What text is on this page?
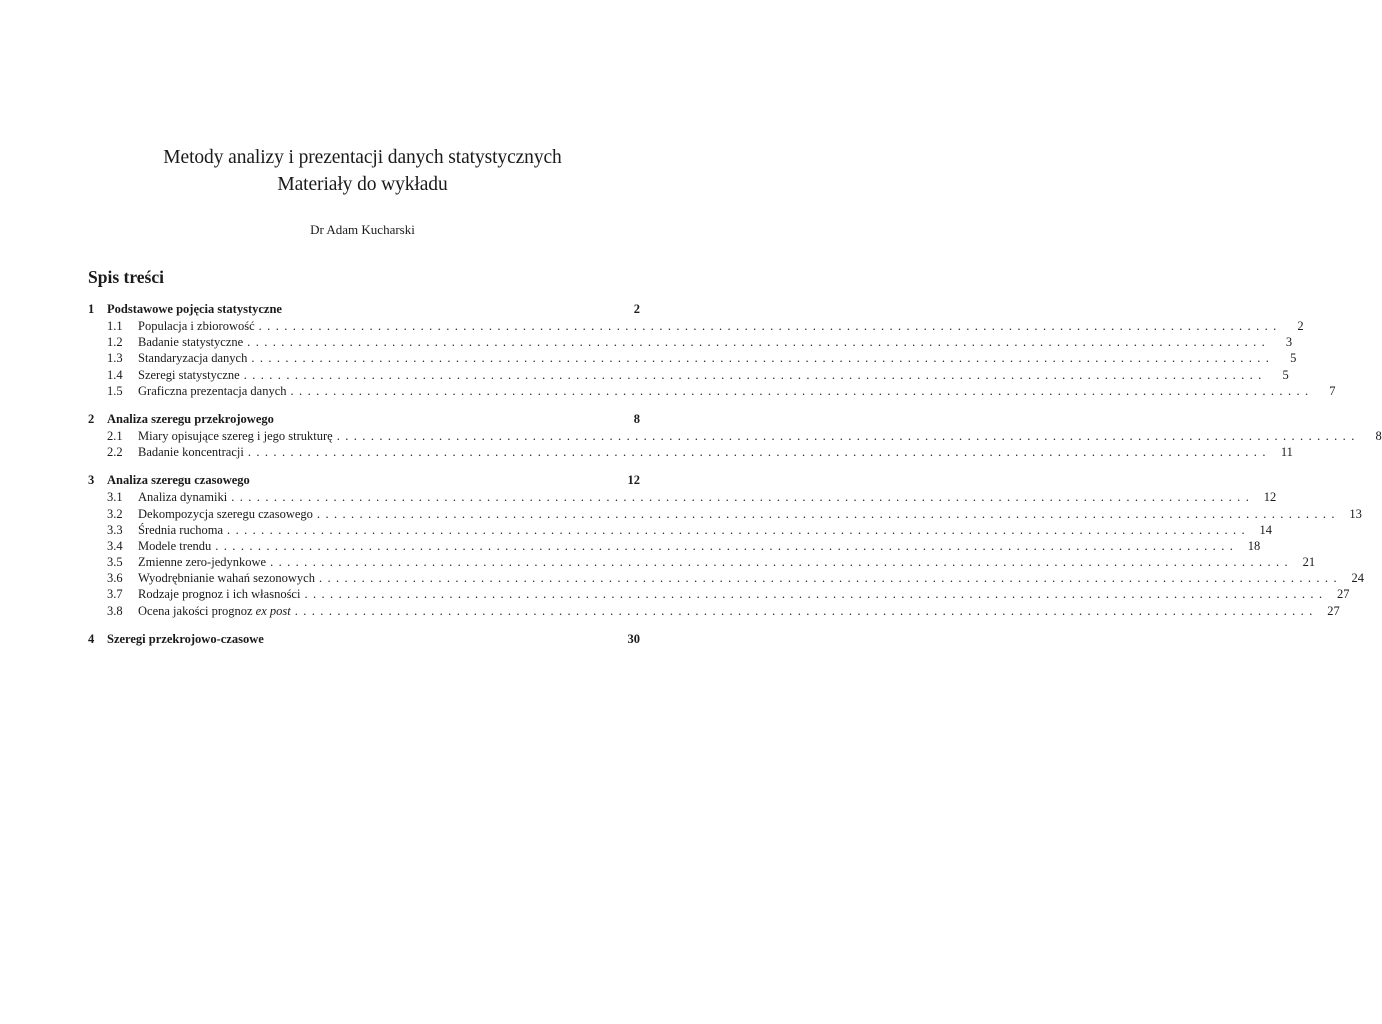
Metody analizy i prezentacji danych statystycznych
Materiały do wykładu
Dr Adam Kucharski
Spis treści
1	Podstawowe pojęcia statystyczne	2
1.1	Populacja i zbiorowość ........................................................................................................................	2
1.2	Badanie statystyczne ........................................................................................................................	3
1.3	Standaryzacja danych ........................................................................................................................	5
1.4	Szeregi statystyczne ........................................................................................................................	5
1.5	Graficzna prezentacja danych ........................................................................................................................	7
2	Analiza szeregu przekrojowego	8
2.1	Miary opisujące szereg i jego strukturę ........................................................................................................................	8
2.2	Badanie koncentracji ........................................................................................................................ 11
3	Analiza szeregu czasowego	12
3.1	Analiza dynamiki ........................................................................................................................ 12
3.2	Dekompozycja szeregu czasowego ........................................................................................................................ 13
3.3	Średnia ruchoma ........................................................................................................................ 14
3.4	Modele trendu ........................................................................................................................ 18
3.5	Zmienne zero-jedynkowe ........................................................................................................................ 21
3.6	Wyodrębnianie wahań sezonowych ........................................................................................................................ 24
3.7	Rodzaje prognoz i ich własności ........................................................................................................................ 27
3.8	Ocena jakości prognoz ex post ........................................................................................................................ 27
4	Szeregi przekrojowo-czasowe	30
